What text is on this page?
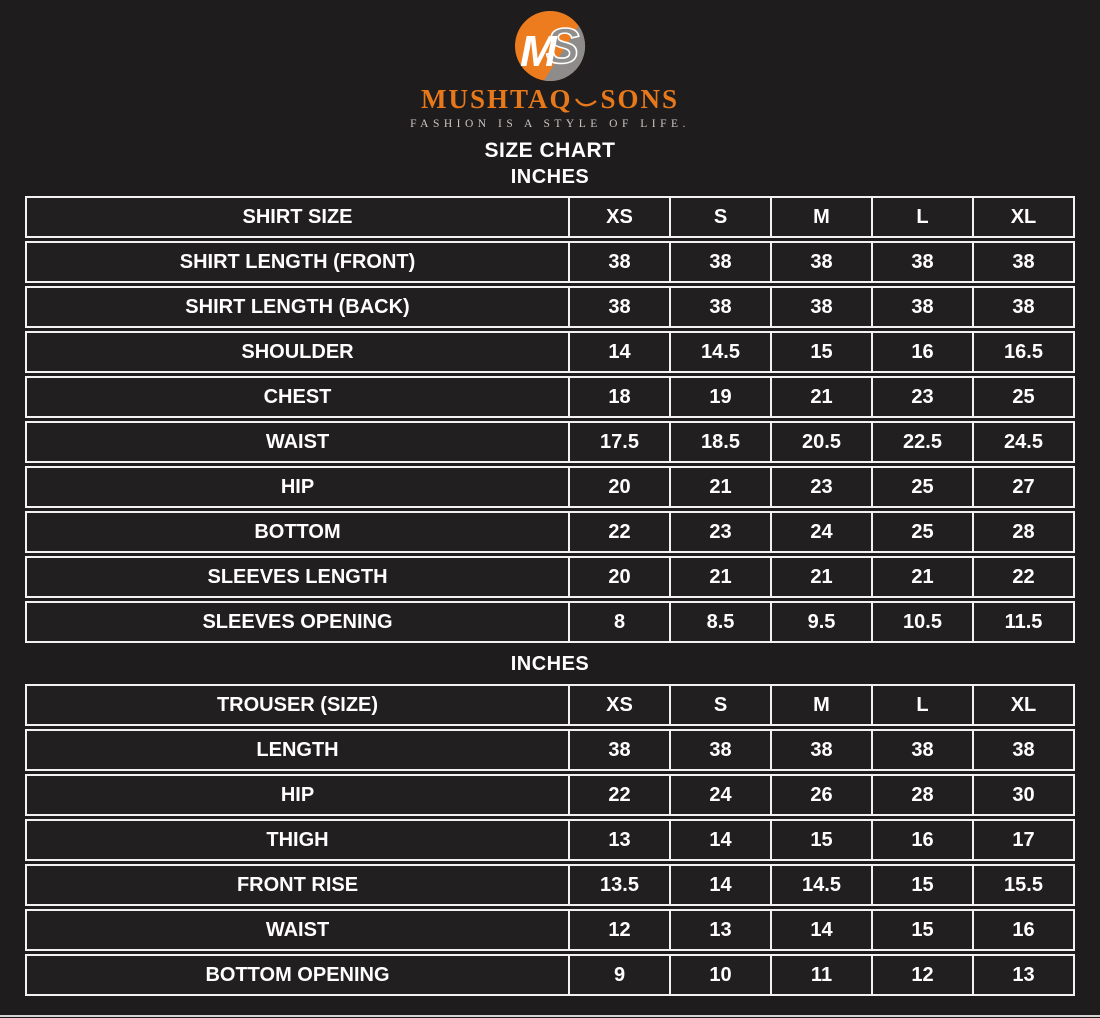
S
M
MUSHTAQ SONS
FASHION IS A STYLE OF LIFE.
SIZE CHART
INCHES
SHIRT SIZE	XS	S	M	L	XL
SHIRT LENGTH (FRONT)	38	38	38	38	38
SHIRT LENGTH (BACK)	38	38	38	38	38
SHOULDER	14	14.5	15	16	16.5
CHEST	18	19	21	23	25
WAIST	17.5	18.5	20.5	22.5	24.5
HIP	20	21	23	25	27
BOTTOM	22	23	24	25	28
SLEEVES LENGTH	20	21	21	21	22
SLEEVES OPENING	8	8.5	9.5	10.5	11.5
INCHES
TROUSER (SIZE)	XS	S	M	L	XL
LENGTH	38	38	38	38	38
HIP	22	24	26	28	30
THIGH	13	14	15	16	17
FRONT RISE	13.5	14	14.5	15	15.5
WAIST	12	13	14	15	16
BOTTOM OPENING	9	10	11	12	13
